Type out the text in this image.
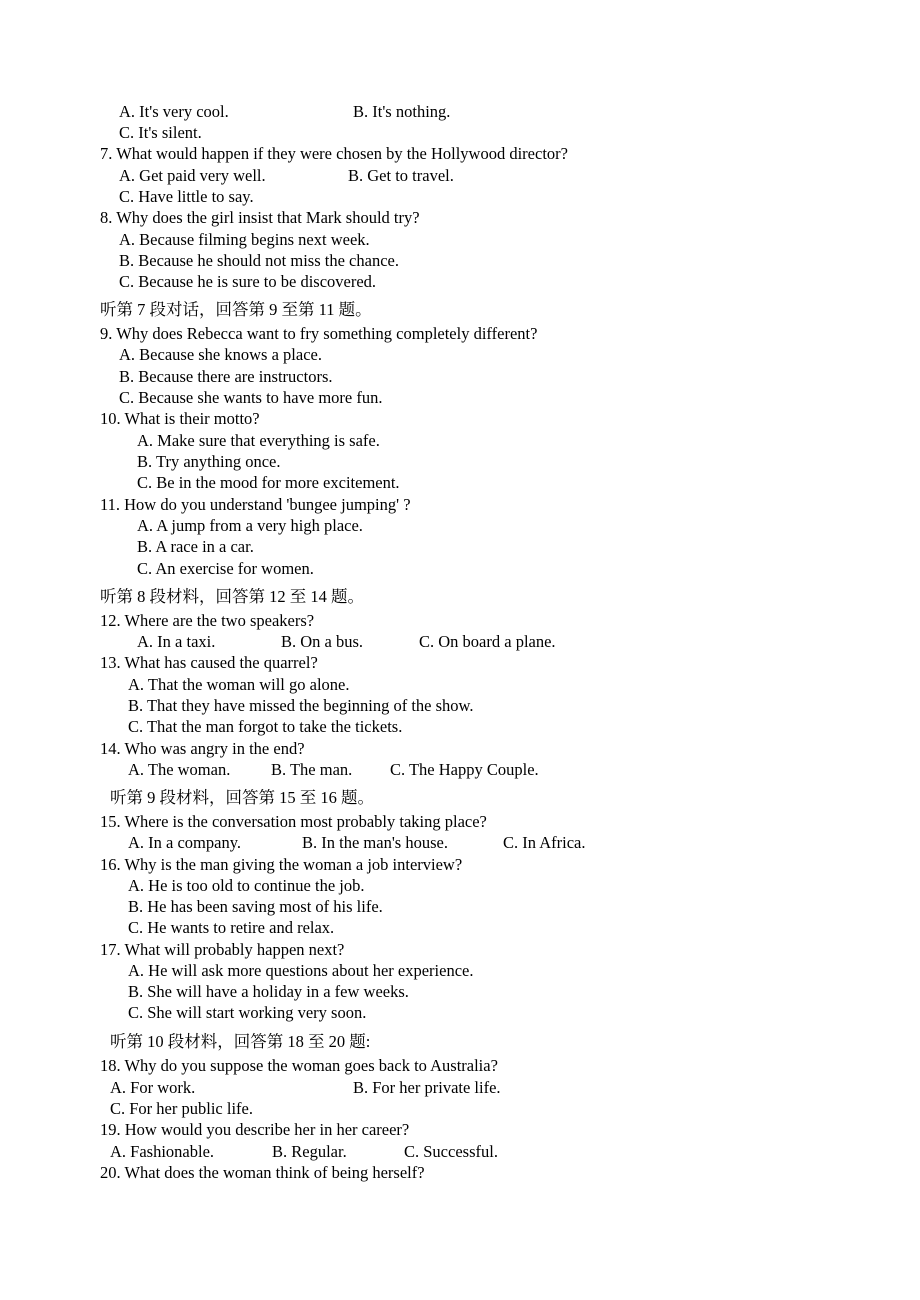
A. It's very cool.	B. It's nothing.
C. It's silent.
7. What would happen if they were chosen by the Hollywood director?
A. Get paid very well.	B. Get to travel.
C. Have little to say.
8. Why does the girl insist that Mark should try?
A. Because filming begins next week.
B. Because he should not miss the chance.
C. Because he is sure to be discovered.
听第 7 段对话，回答第 9 至第 11 题。
9. Why does Rebecca want to fry something completely different?
A. Because she knows a place.
B. Because there are instructors.
C. Because she wants to have more fun.
10. What is their motto?
A. Make sure that everything is safe.
B. Try anything once.
C. Be in the mood for more excitement.
11. How do you understand 'bungee jumping' ?
A. A jump from a very high place.
B. A race in a car.
C. An exercise for women.
听第 8 段材料，回答第 12 至 14 题。
12. Where are the two speakers?
A. In a taxi.	B. On a bus.	C. On board a plane.
13. What has caused the quarrel?
A. That the woman will go alone.
B. That they have missed the beginning of the show.
C. That the man forgot to take the tickets.
14. Who was angry in the end?
A. The woman. B. The man. C. The Happy Couple.
听第 9 段材料，回答第 15 至 16 题。
15. Where is the conversation most probably taking place?
A. In a company.	B. In the man's house.	C. In Africa.
16. Why is the man giving the woman a job interview?
A. He is too old to continue the job.
B. He has been saving most of his life.
C. He wants to retire and relax.
17. What will probably happen next?
A. He will ask more questions about her experience.
B. She will have a holiday in a few weeks.
C. She will start working very soon.
听第 10 段材料，回答第 18 至 20 题:
18. Why do you suppose the woman goes back to Australia?
A. For work.	B. For her private life.
C. For her public life.
19. How would you describe her in her career?
A. Fashionable.	B. Regular.	C. Successful.
20. What does the woman think of being herself?
